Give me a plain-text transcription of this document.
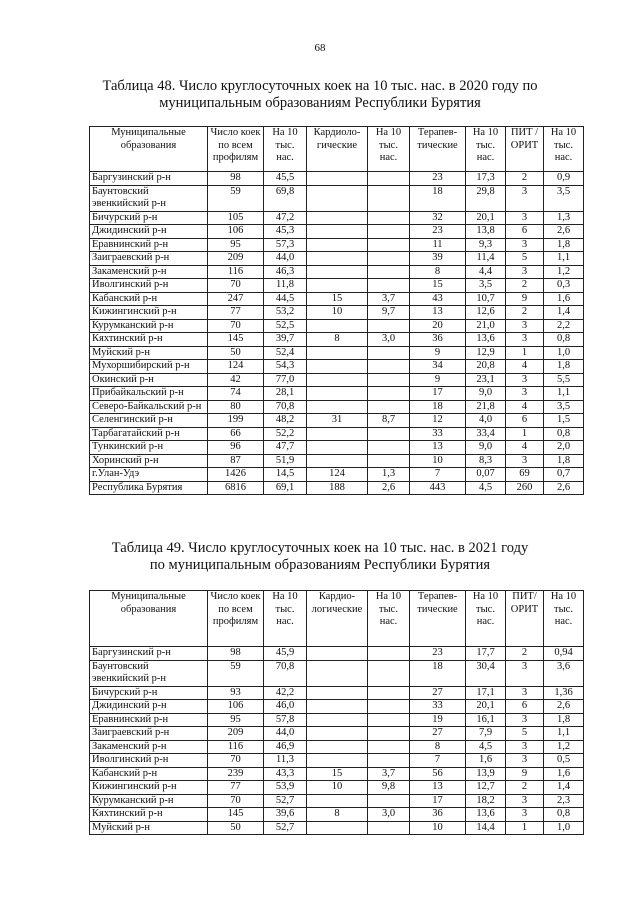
68
Таблица 48. Число круглосуточных коек на 10 тыс. нас. в 2020 году по
муниципальным образованиям Республики Бурятия
Муниципальные образования	Число коек по всем профилям	На 10 тыс. нас.	Кардиоло- гические	На 10 тыс. нас.	Терапев- тические	На 10 тыс. нас.	ПИТ / ОРИТ	На 10 тыс. нас.
Баргузинский р-н	98	45,5			23	17,3	2	0,9
Баунтовский эвенкийский р-н	59	69,8			18	29,8	3	3,5
Бичурский р-н	105	47,2			32	20,1	3	1,3
Джидинский р-н	106	45,3			23	13,8	6	2,6
Еравнинский р-н	95	57,3			11	9,3	3	1,8
Заиграевский р-н	209	44,0			39	11,4	5	1,1
Закаменский р-н	116	46,3			8	4,4	3	1,2
Иволгинский р-н	70	11,8			15	3,5	2	0,3
Кабанский р-н	247	44,5	15	3,7	43	10,7	9	1,6
Кижингинский р-н	77	53,2	10	9,7	13	12,6	2	1,4
Курумканский р-н	70	52,5			20	21,0	3	2,2
Кяхтинский р-н	145	39,7	8	3,0	36	13,6	3	0,8
Муйский р-н	50	52,4			9	12,9	1	1,0
Мухоршибирский р-н	124	54,3			34	20,8	4	1,8
Окинский р-н	42	77,0			9	23,1	3	5,5
Прибайкальский р-н	74	28,1			17	9,0	3	1,1
Северо-Байкальский р-н	80	70,8			18	21,8	4	3,5
Селенгинский р-н	199	48,2	31	8,7	12	4,0	6	1,5
Тарбагатайский р-н	66	52,2			33	33,4	1	0,8
Тункинский р-н	96	47,7			13	9,0	4	2,0
Хоринский р-н	87	51,9			10	8,3	3	1,8
г.Улан-Удэ	1426	14,5	124	1,3	7	0,07	69	0,7
Республика Бурятия	6816	69,1	188	2,6	443	4,5	260	2,6
Таблица 49. Число круглосуточных коек на 10 тыс. нас. в 2021 году
по муниципальным образованиям Республики Бурятия
Муниципальные образования	Число коек по всем профилям	На 10 тыс. нас.	Кардио- логические	На 10 тыс. нас.	Терапев- тические	На 10 тыс. нас.	ПИТ/ ОРИТ	На 10 тыс. нас.
Баргузинский р-н	98	45,9			23	17,7	2	0,94
Баунтовский эвенкийский р-н	59	70,8			18	30,4	3	3,6
Бичурский р-н	93	42,2			27	17,1	3	1,36
Джидинский р-н	106	46,0			33	20,1	6	2,6
Еравнинский р-н	95	57,8			19	16,1	3	1,8
Заиграевский р-н	209	44,0			27	7,9	5	1,1
Закаменский р-н	116	46,9			8	4,5	3	1,2
Иволгинский р-н	70	11,3			7	1,6	3	0,5
Кабанский р-н	239	43,3	15	3,7	56	13,9	9	1,6
Кижингинский р-н	77	53,9	10	9,8	13	12,7	2	1,4
Курумканский р-н	70	52,7			17	18,2	3	2,3
Кяхтинский р-н	145	39,6	8	3,0	36	13,6	3	0,8
Муйский р-н	50	52,7			10	14,4	1	1,0
